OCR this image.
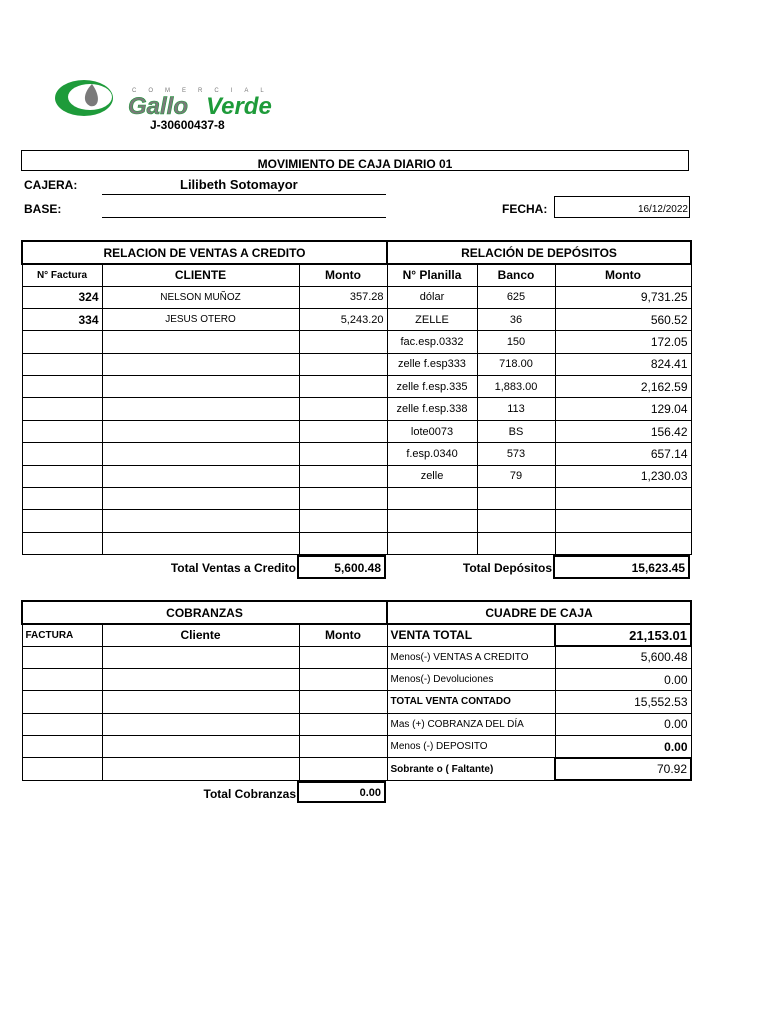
COMERCIAL
Gallo Verde
J-30600437-8
MOVIMIENTO DE CAJA DIARIO 01
CAJERA:	Lilibeth Sotomayor
BASE:	FECHA:	16/12/2022
RELACION DE VENTAS A CREDITO		
N° Factura	CLIENTE	Monto
324	NELSON MUÑOZ	357.28
334	JESUS OTERO	5,243.20

RELACIÓN DE DEPÓSITOS		
N° Planilla	Banco	Monto
dólar	625	9,731.25
ZELLE	36	560.52
fac.esp.0332	150	172.05
zelle f.esp333	718.00	824.41
zelle f.esp.335	1,883.00	2,162.59
zelle f.esp.338	113	129.04
lote0073	BS	156.42
f.esp.0340	573	657.14
zelle	79	1,230.03

Total Ventas a Credito	5,600.48	Total Depósitos	15,623.45
COBRANZAS		
FACTURA	Cliente	Monto

Total Cobranzas	0.00
CUADRE DE CAJA	
VENTA TOTAL	21,153.01
Menos(-) VENTAS A CREDITO	5,600.48
Menos(-) Devoluciones	0.00
TOTAL VENTA CONTADO	15,552.53
Mas (+) COBRANZA DEL DÍA	0.00
Menos (-) DEPOSITO	0.00
Sobrante o ( Faltante)	70.92
